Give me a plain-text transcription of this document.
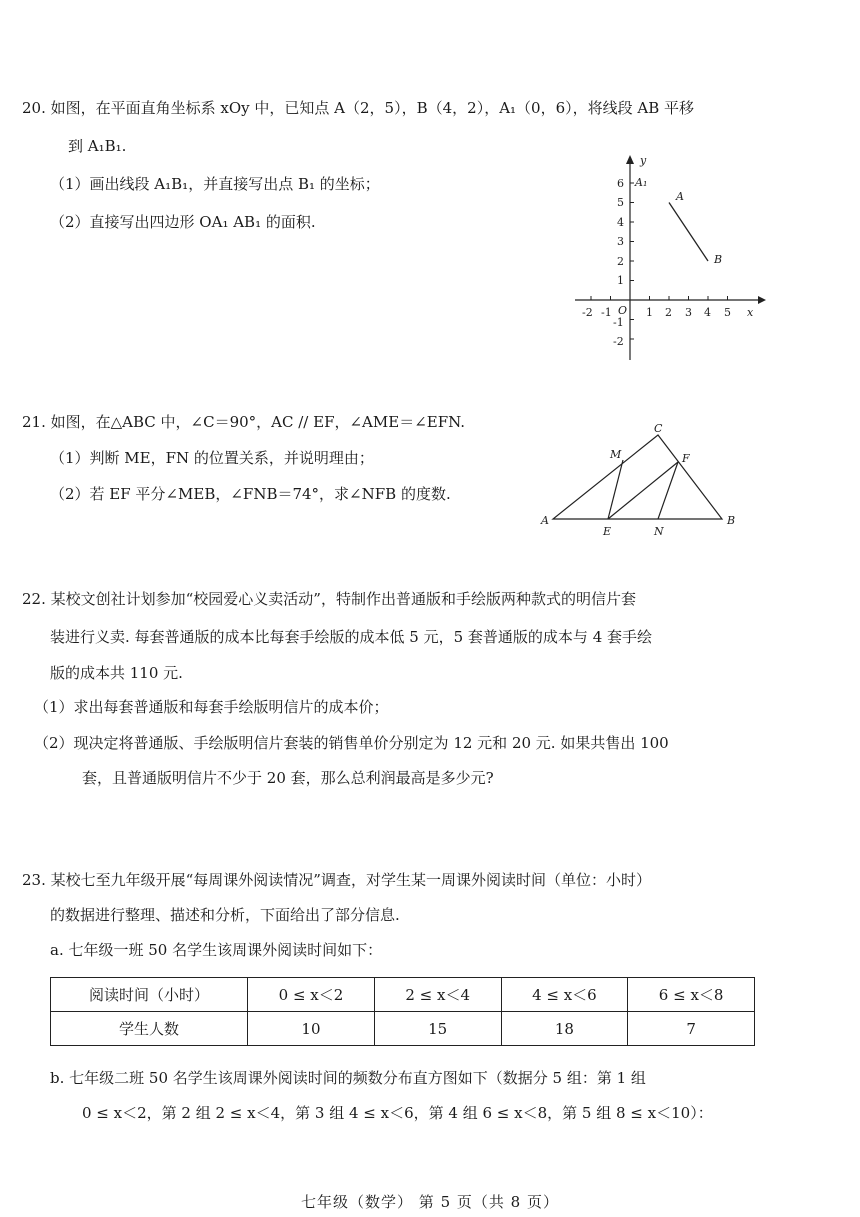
20. 如图，在平面直角坐标系 xOy 中，已知点 A（2，5），B（4，2），A₁（0，6），将线段 AB 平移
到 A₁B₁.
（1）画出线段 A₁B₁，并直接写出点 B₁ 的坐标；
（2）直接写出四边形 OA₁ AB₁ 的面积.
y
x
O
6
5
4
3
2
1
-1
-2
-2 -1	1 2 3 4 5
A
B
A₁
21. 如图，在△ABC 中，∠C＝90°，AC // EF，∠AME＝∠EFN.
（1）判断 ME，FN 的位置关系，并说明理由；
（2）若 EF 平分∠MEB，∠FNB＝74°，求∠NFB 的度数.
A	B
C
M	F
E	N
22. 某校文创社计划参加“校园爱心义卖活动”，特制作出普通版和手绘版两种款式的明信片套
装进行义卖. 每套普通版的成本比每套手绘版的成本低 5 元，5 套普通版的成本与 4 套手绘
版的成本共 110 元.
（1）求出每套普通版和每套手绘版明信片的成本价；
（2）现决定将普通版、手绘版明信片套装的销售单价分别定为 12 元和 20 元. 如果共售出 100
套，且普通版明信片不少于 20 套，那么总利润最高是多少元?
23. 某校七至九年级开展“每周课外阅读情况”调查，对学生某一周课外阅读时间（单位：小时）
的数据进行整理、描述和分析，下面给出了部分信息.
a. 七年级一班 50 名学生该周课外阅读时间如下：
阅读时间（小时）	0 ≤ x＜2	2 ≤ x＜4	4 ≤ x＜6	6 ≤ x＜8
学生人数	10	15	18	7
b. 七年级二班 50 名学生该周课外阅读时间的频数分布直方图如下（数据分 5 组：第 1 组
0 ≤ x＜2，第 2 组 2 ≤ x＜4，第 3 组 4 ≤ x＜6，第 4 组 6 ≤ x＜8，第 5 组 8 ≤ x＜10）：
七年级（数学） 第 5 页（共 8 页）
